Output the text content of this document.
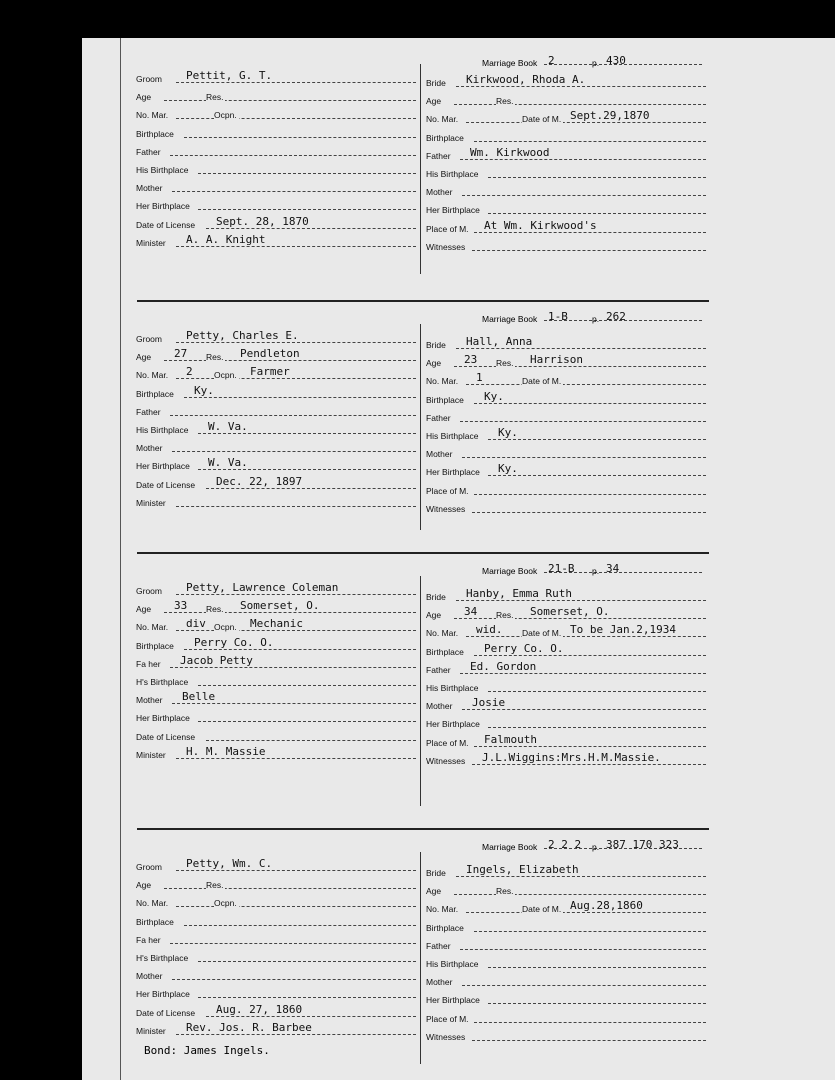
Marriage Book 2	p. 430
Groom Pettit, G. T.
Age	Res.
No. Mar.	Ocpn.
Birthplace
Father
His Birthplace
Mother
Her Birthplace
Date of License Sept. 28, 1870
Minister A. A. Knight
Bride Kirkwood, Rhoda A.
Age	Res.
No. Mar.	Date of M. Sept.29,1870
Birthplace
Father Wm. Kirkwood
His Birthplace
Mother
Her Birthplace
Place of M. At Wm. Kirkwood's
Witnesses
Marriage Book 1-B	p. 262
Groom Petty, Charles E.
Age 27 Res. Pendleton
No. Mar. 2	Ocpn. Farmer
Birthplace Ky.
Father
His Birthplace W. Va.
Mother
Her Birthplace W. Va.
Date of License Dec. 22, 1897
Minister
Bride Hall, Anna
Age 23 Res. Harrison
No. Mar. 1	Date of M.
Birthplace Ky.
Father
His Birthplace Ky.
Mother
Her Birthplace Ky.
Place of M.
Witnesses
Marriage Book 21-B p. 34
Groom Petty, Lawrence Coleman
Age 33 Res. Somerset, O.
No. Mar. div Ocpn. Mechanic
Birthplace Perry Co. O.
Fa her Jacob Petty
H's Birthplace
Mother Belle
Her Birthplace
Date of License
Minister H. M. Massie
Bride Hanby, Emma Ruth
Age 34 Res. Somerset, O.
No. Mar. wid. Date of M. To be Jan.2,1934
Birthplace Perry Co. O.
Father Ed. Gordon
His Birthplace
Mother Josie
Her Birthplace
Place of M. Falmouth
Witnesses J.L.Wiggins:Mrs.H.M.Massie.
Marriage Book 2 2 2 p. 387 170 323
Groom Petty, Wm. C.
Age	Res.
No. Mar.	Ocpn.
Birthplace
Fa her
H's Birthplace
Mother
Her Birthplace
Date of License Aug. 27, 1860
Minister Rev. Jos. R. Barbee
Bride Ingels, Elizabeth
Age	Res.
No. Mar.	Date of M. Aug.28,1860
Birthplace
Father
His Birthplace
Mother
Her Birthplace
Place of M.
Witnesses
Bond: James Ingels.
